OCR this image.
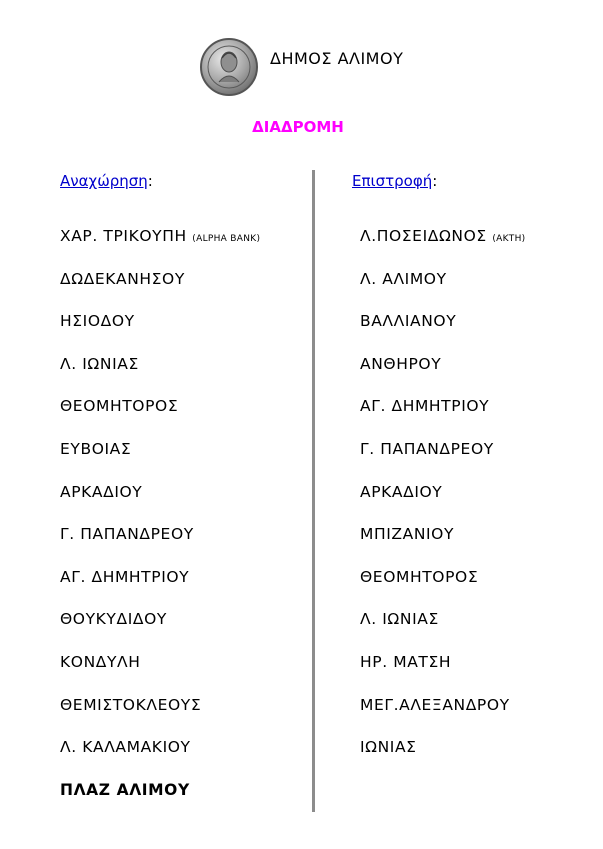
ΔΗΜΟΣ ΑΛΙΜΟΥ
ΔΙΑΔΡΟΜΗ
Αναχώρηση:	Επιστροφή:
ΧΑΡ. ΤΡΙΚΟΥΠΗ (ALPHA BANK)
ΔΩΔΕΚΑΝΗΣΟΥ
ΗΣΙΟΔΟΥ
Λ. ΙΩΝΙΑΣ
ΘΕΟΜΗΤΟΡΟΣ
ΕΥΒΟΙΑΣ
ΑΡΚΑΔΙΟΥ
Γ. ΠΑΠΑΝΔΡΕΟΥ
ΑΓ. ΔΗΜΗΤΡΙΟΥ
ΘΟΥΚΥΔΙΔΟΥ
ΚΟΝΔΥΛΗ
ΘΕΜΙΣΤΟΚΛΕΟΥΣ
Λ. ΚΑΛΑΜΑΚΙΟΥ
ΠΛΑΖ ΑΛΙΜΟΥ
Λ.ΠΟΣΕΙΔΩΝΟΣ (ΑΚΤΗ)
Λ. ΑΛΙΜΟΥ
ΒΑΛΛΙΑΝΟΥ
ΑΝΘΗΡΟΥ
ΑΓ. ΔΗΜΗΤΡΙΟΥ
Γ. ΠΑΠΑΝΔΡΕΟΥ
ΑΡΚΑΔΙΟΥ
ΜΠΙΖΑΝΙΟΥ
ΘΕΟΜΗΤΟΡΟΣ
Λ. ΙΩΝΙΑΣ
ΗΡ. ΜΑΤΣΗ
ΜΕΓ.ΑΛΕΞΑΝΔΡΟΥ
ΙΩΝΙΑΣ
